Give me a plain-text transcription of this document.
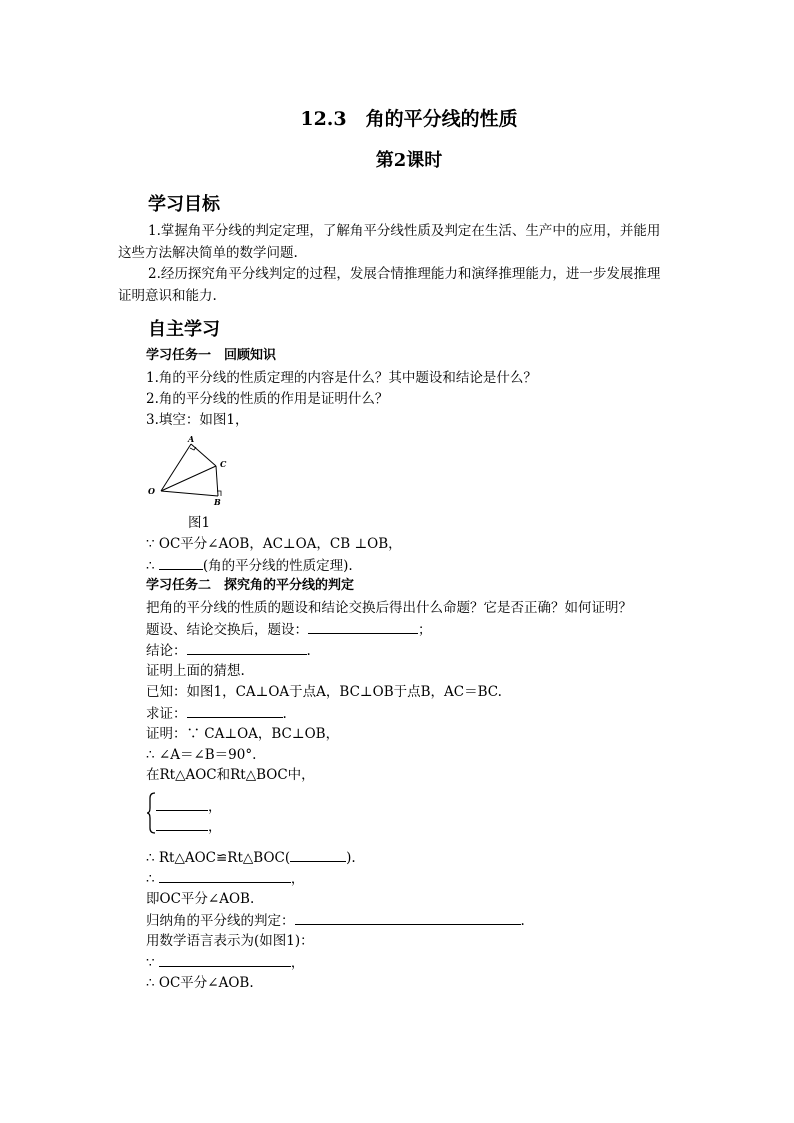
12.3　角的平分线的性质
第2课时
学习目标
1.掌握角平分线的判定定理，了解角平分线性质及判定在生活、生产中的应用，并能用
这些方法解决简单的数学问题.
2.经历探究角平分线判定的过程，发展合情推理能力和演绎推理能力，进一步发展推理
证明意识和能力.
自主学习
学习任务一　回顾知识
1.角的平分线的性质定理的内容是什么？其中题设和结论是什么？
2.角的平分线的性质的作用是证明什么？
3.填空：如图1，
A
C
O
B
图1
∵ OC平分∠AOB，AC⊥OA，CB ⊥OB，
∴	(角的平分线的性质定理).
学习任务二　探究角的平分线的判定
把角的平分线的性质的题设和结论交换后得出什么命题？它是否正确？如何证明？
题设、结论交换后，题设：	；
结论：	.
证明上面的猜想.
已知：如图1，CA⊥OA于点A，BC⊥OB于点B，AC＝BC.
求证：	.
证明：∵ CA⊥OA，BC⊥OB，
∴ ∠A＝∠B＝90°.
在Rt△AOC和Rt△BOC中，
，
，
∴ Rt△AOC≌Rt△BOC(	).
∴	，
即OC平分∠AOB.
归纳角的平分线的判定：	.
用数学语言表示为(如图1)：
∵	，
∴ OC平分∠AOB.
